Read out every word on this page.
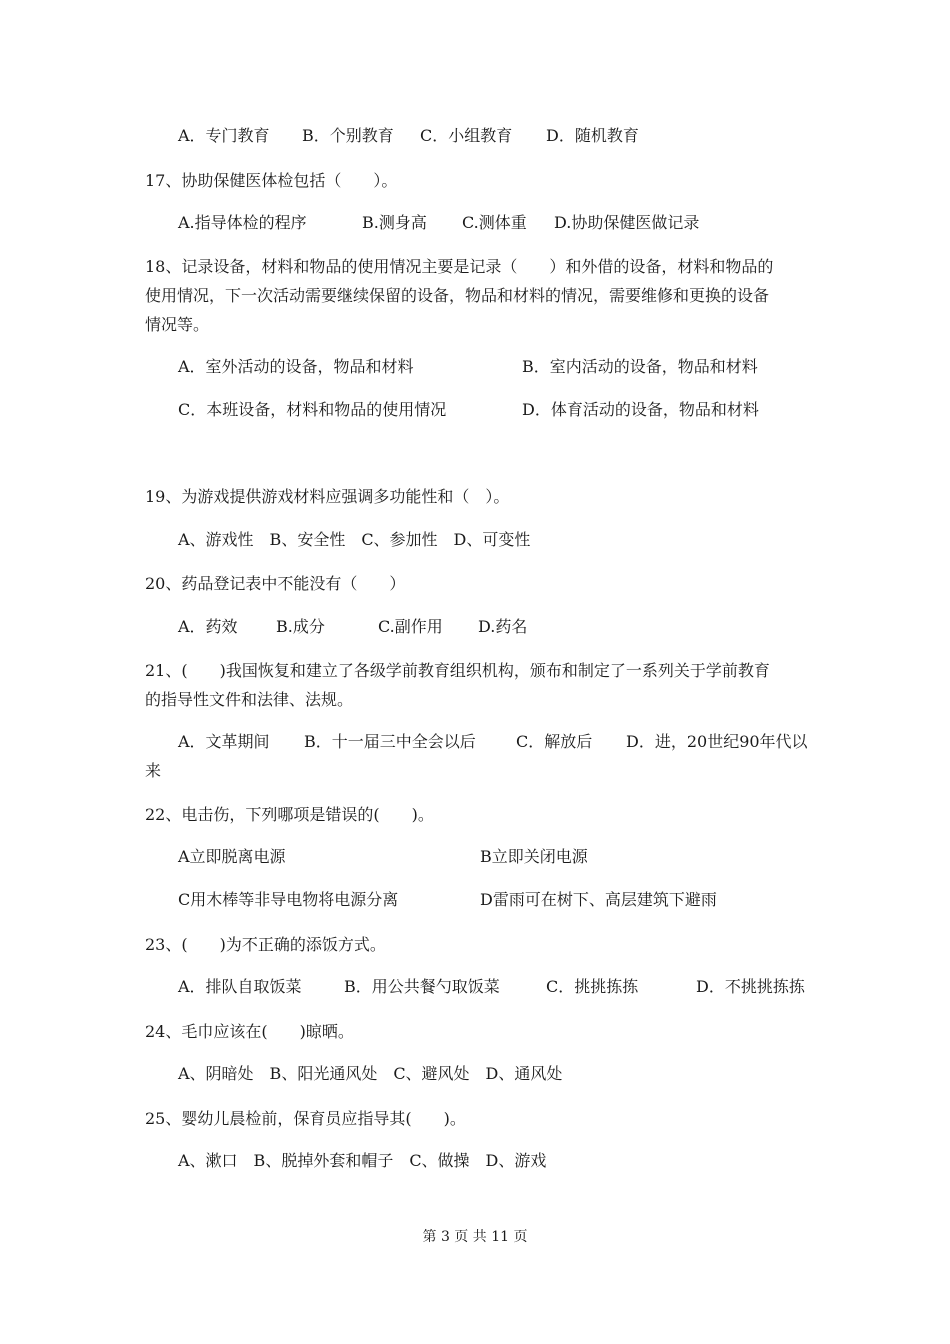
A．专门教育 B．个别教育 C．小组教育 D．随机教育
17、协助保健医体检包括（　　）。
A.指导体检的程序	B.测身高 C.测体重 D.协助保健医做记录
18、记录设备，材料和物品的使用情况主要是记录（　　）和外借的设备，材料和物品的
使用情况，下一次活动需要继续保留的设备，物品和材料的情况，需要维修和更换的设备
情况等。
A．室外活动的设备，物品和材料	B．室内活动的设备，物品和材料
C．本班设备，材料和物品的使用情况	D．体育活动的设备，物品和材料
19、为游戏提供游戏材料应强调多功能性和（　）。
A、游戏性　B、安全性　C、参加性　D、可变性
20、药品登记表中不能没有（　　）
A．药效 B.成分	C.副作用 D.药名
21、(　　)我国恢复和建立了各级学前教育组织机构，颁布和制定了一系列关于学前教育
的指导性文件和法律、法规。
A．文革期间 B．十一届三中全会以后	C．解放后 D．进，20世纪90年代以
来
22、电击伤，下列哪项是错误的(　　)。
A立即脱离电源	B立即关闭电源
C用木棒等非导电物将电源分离	D雷雨可在树下、高层建筑下避雨
23、(　　)为不正确的添饭方式。
A．排队自取饭菜	B．用公共餐勺取饭菜	C．挑挑拣拣	D．不挑挑拣拣
24、毛巾应该在(　　)晾晒。
A、阴暗处　B、阳光通风处　C、避风处　D、通风处
25、婴幼儿晨检前，保育员应指导其(　　)。
A、漱口　B、脱掉外套和帽子　C、做操　D、游戏
第 3 页 共 11 页
